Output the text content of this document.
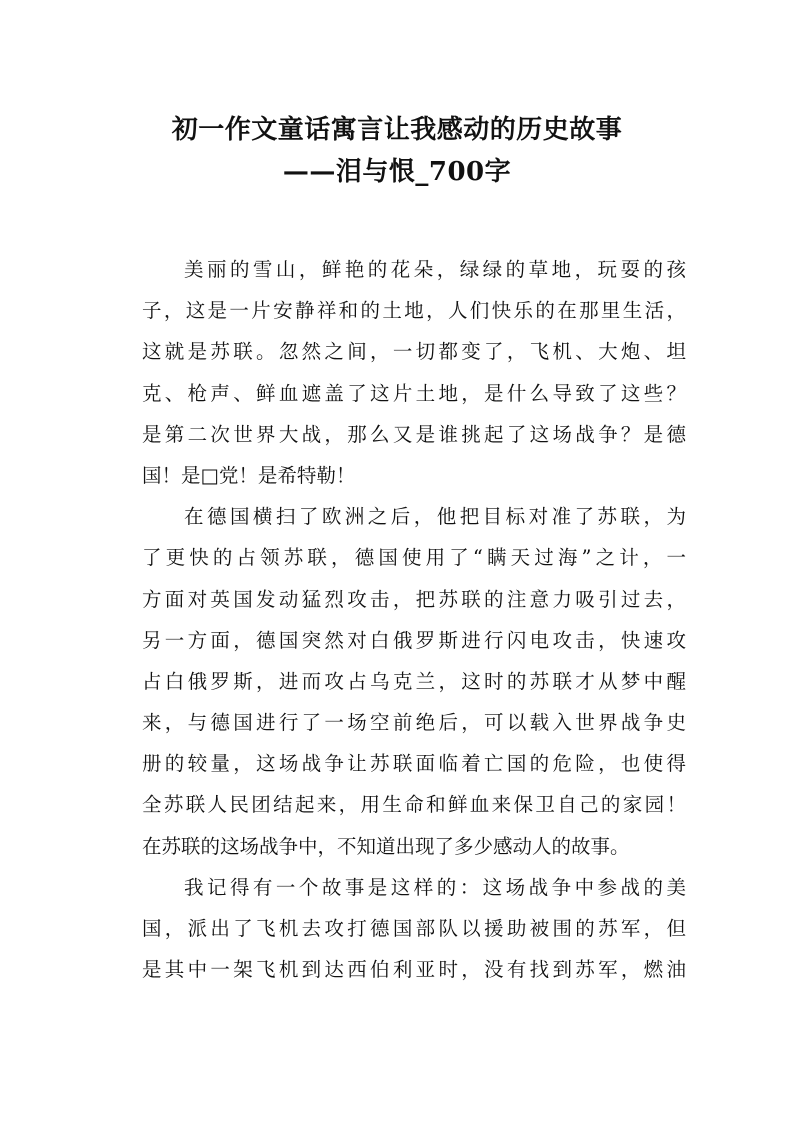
初一作文童话寓言让我感动的历史故事
——泪与恨_700字
美丽的雪山，鲜艳的花朵，绿绿的草地，玩耍的孩
子，这是一片安静祥和的土地，人们快乐的在那里生活，
这就是苏联。忽然之间，一切都变了，飞机、大炮、坦
克、枪声、鲜血遮盖了这片土地，是什么导致了这些？
是第二次世界大战，那么又是谁挑起了这场战争？是德
国！是□党！是希特勒！
在德国横扫了欧洲之后，他把目标对准了苏联，为
了更快的占领苏联，德国使用了“瞒天过海”之计，一
方面对英国发动猛烈攻击，把苏联的注意力吸引过去，
另一方面，德国突然对白俄罗斯进行闪电攻击，快速攻
占白俄罗斯，进而攻占乌克兰，这时的苏联才从梦中醒
来，与德国进行了一场空前绝后，可以载入世界战争史
册的较量，这场战争让苏联面临着亡国的危险，也使得
全苏联人民团结起来，用生命和鲜血来保卫自己的家园！
在苏联的这场战争中，不知道出现了多少感动人的故事。
我记得有一个故事是这样的：这场战争中参战的美
国，派出了飞机去攻打德国部队以援助被围的苏军，但
是其中一架飞机到达西伯利亚时，没有找到苏军，燃油
